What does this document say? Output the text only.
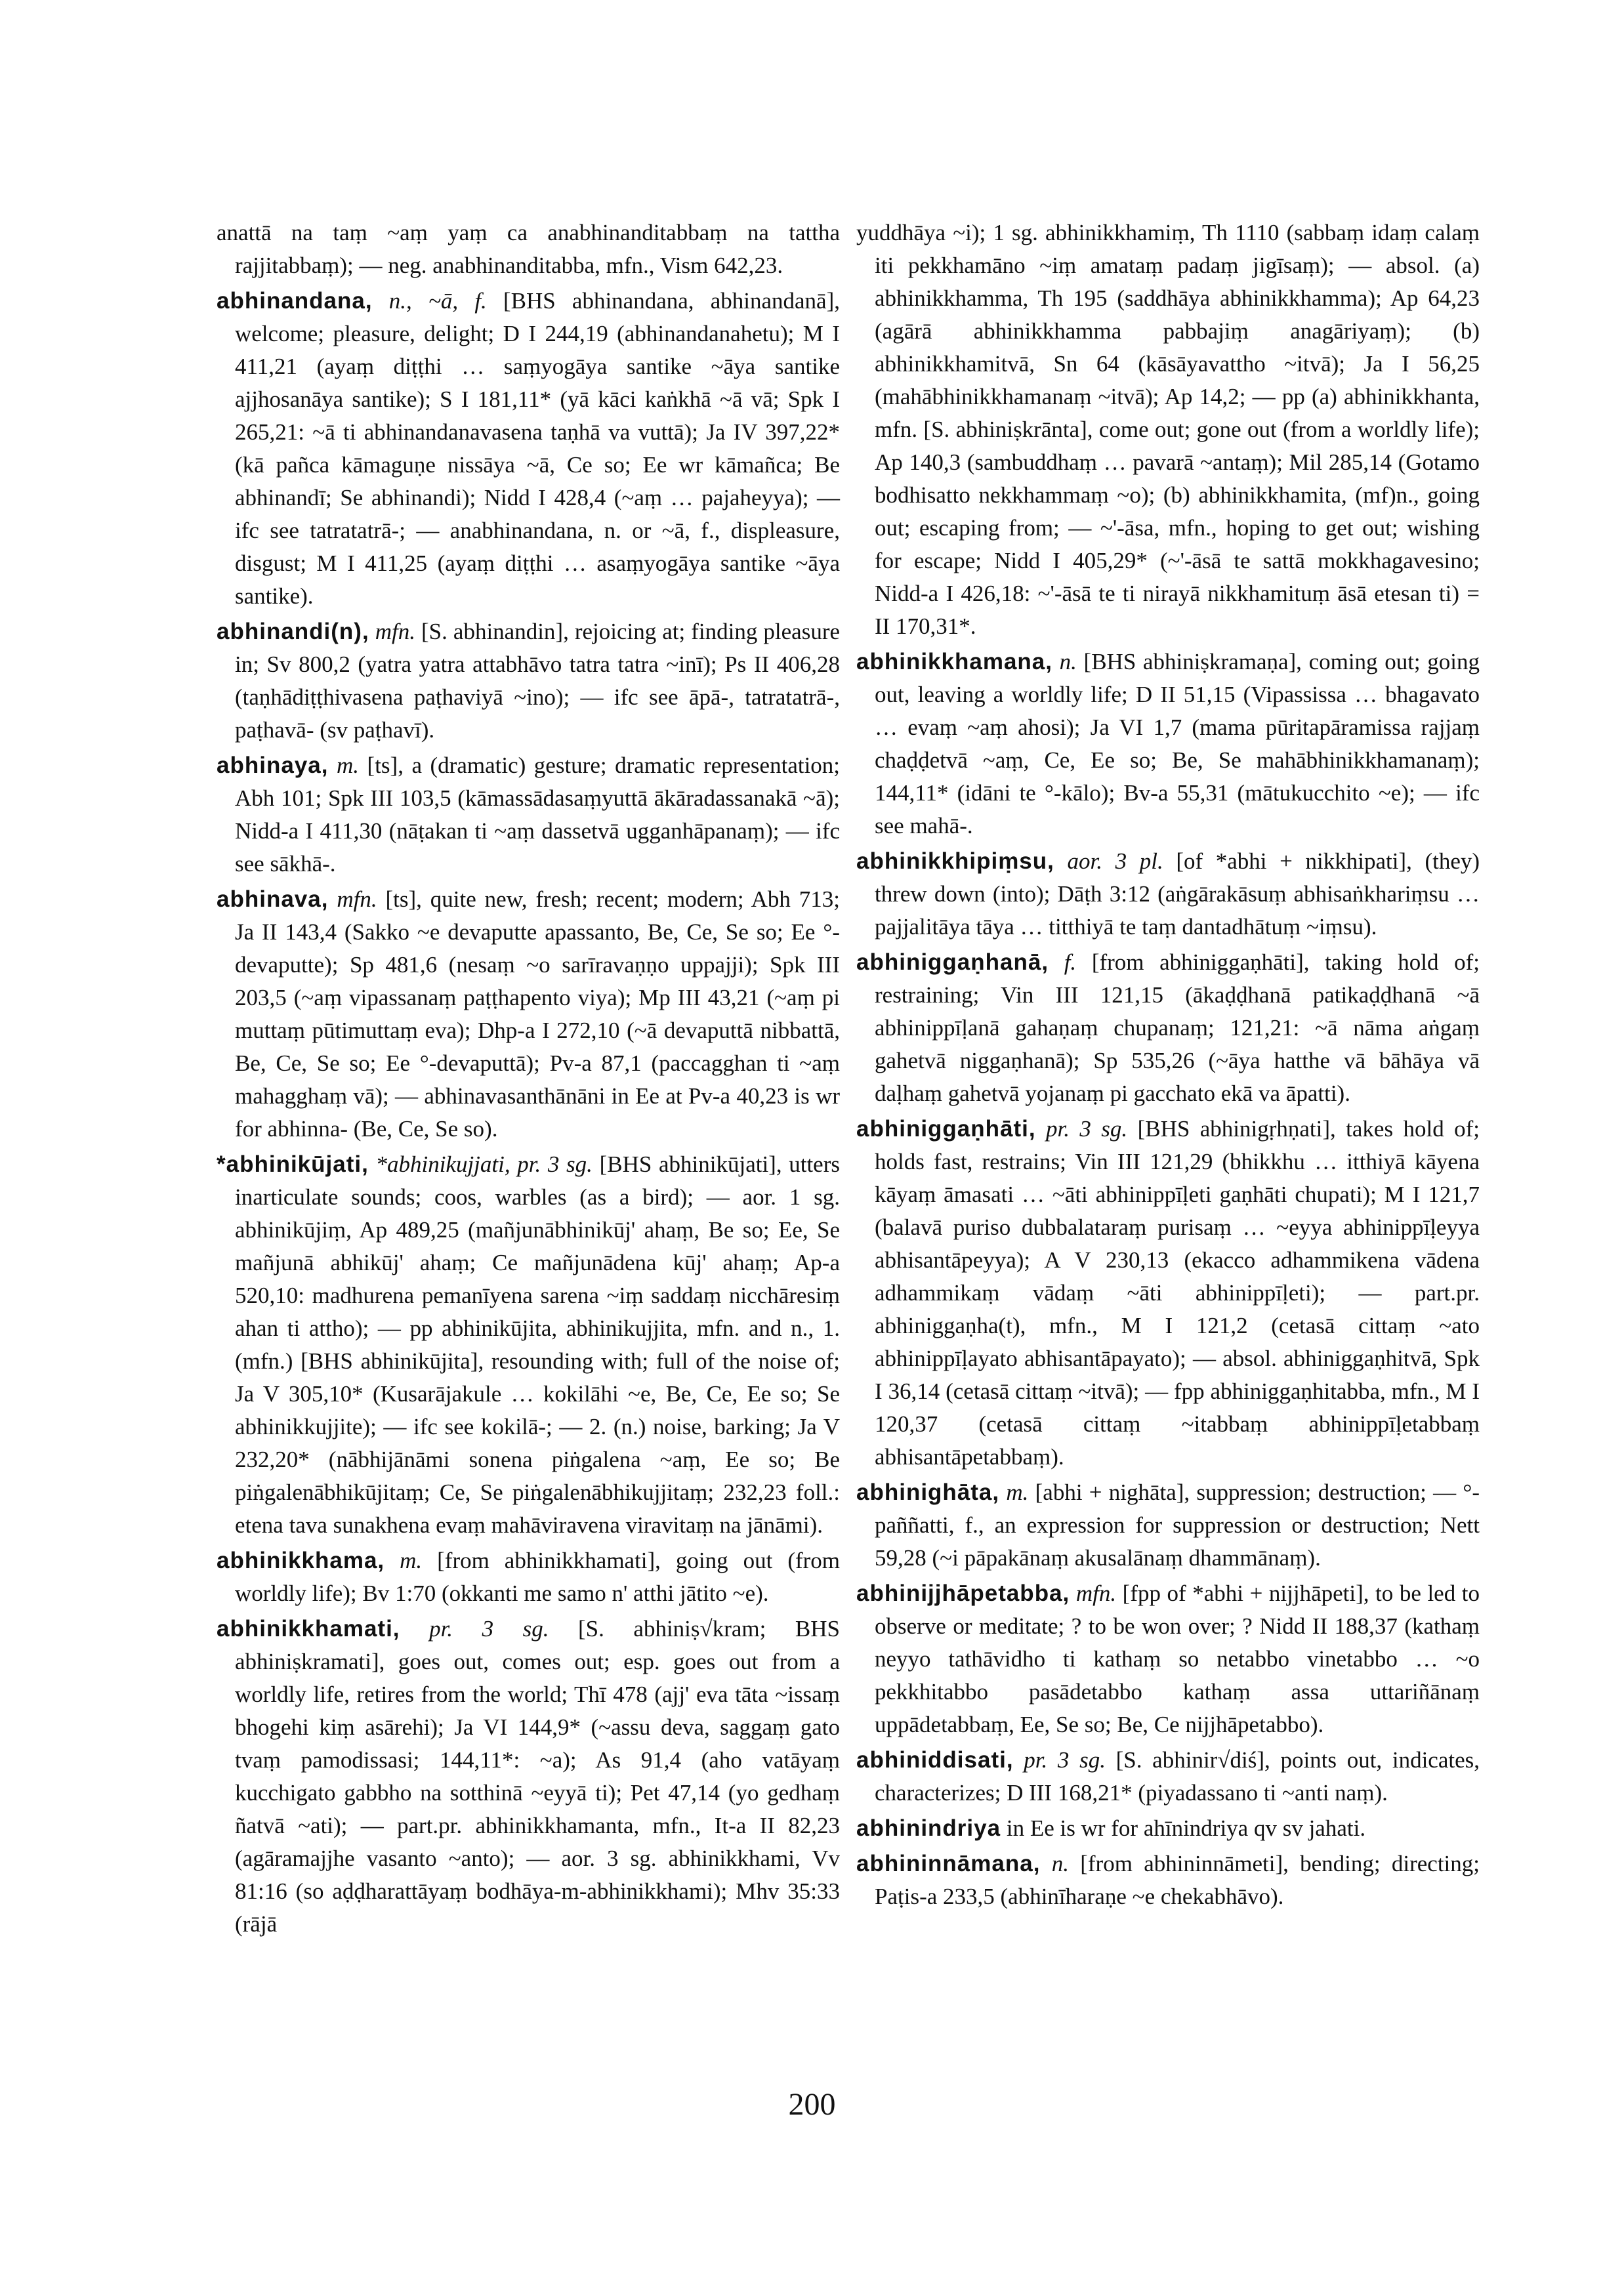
anattā na taṃ ~aṃ yaṃ ca anabhinanditabbaṃ na tattha rajjitabbaṃ); — neg. anabhinanditabba, mfn., Vism 642,23.

abhinandana, n., ~ā, f. [BHS abhinandana, abhinandanā], welcome; pleasure, delight; D I 244,19 (abhinandanahetu); M I 411,21 (ayaṃ diṭṭhi … saṃyogāya santike ~āya santike ajjhosanāya santike); S I 181,11* (yā kāci kaṅkhā ~ā vā; Spk I 265,21: ~ā ti abhinandanavasena taṇhā va vuttā); Ja IV 397,22* (kā pañca kāmaguṇe nissāya ~ā, Ce so; Ee wr kāmañca; Be abhinandī; Se abhinandi); Nidd I 428,4 (~aṃ … pajaheyya); — ifc see tatratatrā-; — anabhinandana, n. or ~ā, f., displeasure, disgust; M I 411,25 (ayaṃ diṭṭhi … asaṃyogāya santike ~āya santike).

abhinandi(n), mfn. [S. abhinandin], rejoicing at; finding pleasure in; Sv 800,2 (yatra yatra attabhāvo tatra tatra ~inī); Ps II 406,28 (taṇhādiṭṭhivasena paṭhaviyā ~ino); — ifc see āpā-, tatratatrā-, paṭhavā- (sv paṭhavī).

abhinaya, m. [ts], a (dramatic) gesture; dramatic representation; Abh 101; Spk III 103,5 (kāmassādasaṃyuttā ākāradassanakā ~ā); Nidd-a I 411,30 (nāṭakan ti ~aṃ dassetvā ugganhāpanaṃ); — ifc see sākhā-.

abhinava, mfn. [ts], quite new, fresh; recent; modern; Abh 713; Ja II 143,4 (Sakko ~e devaputte apassanto, Be, Ce, Se so; Ee °-devaputte); Sp 481,6 (nesaṃ ~o sarīravaṇṇo uppajji); Spk III 203,5 (~aṃ vipassanaṃ paṭṭhapento viya); Mp III 43,21 (~aṃ pi muttaṃ pūtimuttaṃ eva); Dhp-a I 272,10 (~ā devaputtā nibbattā, Be, Ce, Se so; Ee °-devaputtā); Pv-a 87,1 (paccagghan ti ~aṃ mahagghaṃ vā); — abhinavasanthānāni in Ee at Pv-a 40,23 is wr for abhinna- (Be, Ce, Se so).

*abhinikūjati, *abhinikujjati, pr. 3 sg. [BHS abhinikūjati], utters inarticulate sounds; coos, warbles (as a bird); — aor. 1 sg. abhinikūjiṃ, Ap 489,25 (mañjunābhinikūj' ahaṃ, Be so; Ee, Se mañjunā abhikūj' ahaṃ; Ce mañjunādena kūj' ahaṃ; Ap-a 520,10: madhurena pemanīyena sarena ~iṃ saddaṃ nicchāresiṃ ahan ti attho); — pp abhinikūjita, abhinikujjita, mfn. and n., 1. (mfn.) [BHS abhinikūjita], resounding with; full of the noise of; Ja V 305,10* (Kusarājakule … kokilāhi ~e, Be, Ce, Ee so; Se abhinikkujjite); — ifc see kokilā-; — 2. (n.) noise, barking; Ja V 232,20* (nābhijānāmi sonena piṅgalena ~aṃ, Ee so; Be piṅgalenābhikūjitaṃ; Ce, Se piṅgalenābhikujjitaṃ; 232,23 foll.: etena tava sunakhena evaṃ mahāviravena viravitaṃ na jānāmi).

abhinikkhama, m. [from abhinikkhamati], going out (from worldly life); Bv 1:70 (okkanti me samo n' atthi jātito ~e).

abhinikkhamati, pr. 3 sg. [S. abhiniṣ√kram; BHS abhiniṣkramati], goes out, comes out; esp. goes out from a worldly life, retires from the world; Thī 478 (ajj' eva tāta ~issaṃ bhogehi kiṃ asārehi); Ja VI 144,9* (~assu deva, saggaṃ gato tvaṃ pamodissasi; 144,11*: ~a); As 91,4 (aho vatāyaṃ kucchigato gabbho na sotthinā ~eyyā ti); Pet 47,14 (yo gedhaṃ ñatvā ~ati); — part.pr. abhinikkhamanta, mfn., It-a II 82,23 (agāramajjhe vasanto ~anto); — aor. 3 sg. abhinikkhami, Vv 81:16 (so aḍḍharattāyaṃ bodhāya-m-abhinikkhami); Mhv 35:33 (rājā

yuddhāya ~i); 1 sg. abhinikkhamiṃ, Th 1110 (sabbaṃ idaṃ calaṃ iti pekkhamāno ~iṃ amataṃ padaṃ jigīsaṃ); — absol. (a) abhinikkhamma, Th 195 (saddhāya abhinikkhamma); Ap 64,23 (agārā abhinikkhamma pabbajiṃ anagāriyaṃ); (b) abhinikkhamitvā, Sn 64 (kāsāyavattho ~itvā); Ja I 56,25 (mahābhinikkhamanaṃ ~itvā); Ap 14,2; — pp (a) abhinikkhanta, mfn. [S. abhiniṣkrānta], come out; gone out (from a worldly life); Ap 140,3 (sambuddhaṃ … pavarā ~antaṃ); Mil 285,14 (Gotamo bodhisatto nekkhammaṃ ~o); (b) abhinikkhamita, (mf)n., going out; escaping from; — ~'-āsa, mfn., hoping to get out; wishing for escape; Nidd I 405,29* (~'-āsā te sattā mokkhagavesino; Nidd-a I 426,18: ~'-āsā te ti nirayā nikkhamituṃ āsā etesan ti) = II 170,31*.

abhinikkhamana, n. [BHS abhiniṣkramaṇa], coming out; going out, leaving a worldly life; D II 51,15 (Vipassissa … bhagavato … evaṃ ~aṃ ahosi); Ja VI 1,7 (mama pūritapāramissa rajjaṃ chaḍḍetvā ~aṃ, Ce, Ee so; Be, Se mahābhinikkhamanaṃ); 144,11* (idāni te °-kālo); Bv-a 55,31 (mātukucchito ~e); — ifc see mahā-.

abhinikkhipiṃsu, aor. 3 pl. [of *abhi + nikkhipati], (they) threw down (into); Dāṭh 3:12 (aṅgārakāsuṃ abhisaṅkhariṃsu … pajjalitāya tāya … titthiyā te taṃ dantadhātuṃ ~iṃsu).

abhiniggaṇhanā, f. [from abhiniggaṇhāti], taking hold of; restraining; Vin III 121,15 (ākaḍḍhanā patikaḍḍhanā ~ā abhinippīḷanā gahaṇaṃ chupanaṃ; 121,21: ~ā nāma aṅgaṃ gahetvā niggaṇhanā); Sp 535,26 (~āya hatthe vā bāhāya vā daḷhaṃ gahetvā yojanaṃ pi gacchato ekā va āpatti).

abhiniggaṇhāti, pr. 3 sg. [BHS abhinigṛhṇati], takes hold of; holds fast, restrains; Vin III 121,29 (bhikkhu … itthiyā kāyena kāyaṃ āmasati … ~āti abhinippīḷeti gaṇhāti chupati); M I 121,7 (balavā puriso dubbalataraṃ purisaṃ … ~eyya abhinippīḷeyya abhisantāpeyya); A V 230,13 (ekacco adhammikena vādena adhammikaṃ vādaṃ ~āti abhinippīḷeti); — part.pr. abhiniggaṇha(t), mfn., M I 121,2 (cetasā cittaṃ ~ato abhinippīḷayato abhisantāpayato); — absol. abhiniggaṇhitvā, Spk I 36,14 (cetasā cittaṃ ~itvā); — fpp abhiniggaṇhitabba, mfn., M I 120,37 (cetasā cittaṃ ~itabbaṃ abhinippīḷetabbaṃ abhisantāpetabbaṃ).

abhinighāta, m. [abhi + nighāta], suppression; destruction; — °-paññatti, f., an expression for suppression or destruction; Nett 59,28 (~i pāpakānaṃ akusalānaṃ dhammānaṃ).

abhinijjhāpetabba, mfn. [fpp of *abhi + nijjhāpeti], to be led to observe or meditate; ? to be won over; ? Nidd II 188,37 (kathaṃ neyyo tathāvidho ti kathaṃ so netabbo vinetabbo … ~o pekkhitabbo pasādetabbo kathaṃ assa uttariñānaṃ uppādetabbaṃ, Ee, Se so; Be, Ce nijjhāpetabbo).

abhiniddisati, pr. 3 sg. [S. abhinir√diś], points out, indicates, characterizes; D III 168,21* (piyadassano ti ~anti naṃ).

abhinindriya in Ee is wr for ahīnindriya qv sv jahati.

abhininnāmana, n. [from abhininnāmeti], bending; directing; Paṭis-a 233,5 (abhinīharaṇe ~e chekabhāvo).

200
